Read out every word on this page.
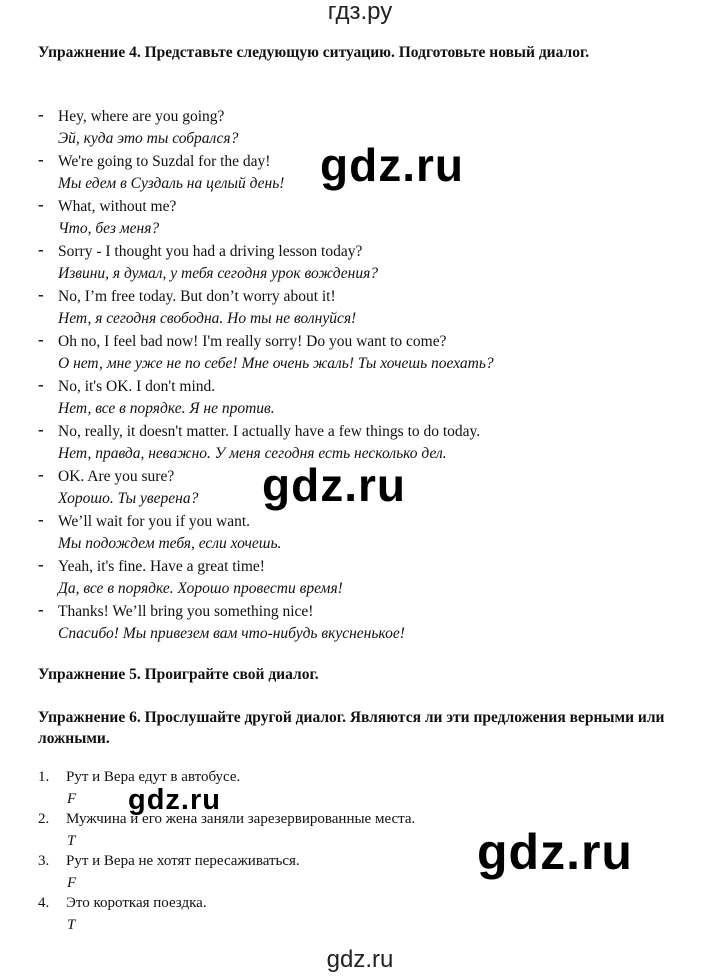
гдз.ру
Упражнение 4. Представьте следующую ситуацию. Подготовьте новый диалог.
- Hey, where are you going?
Эй, куда это ты собрался?
- We're going to Suzdal for the day!
Мы едем в Суздаль на целый день!
- What, without me?
Что, без меня?
- Sorry - I thought you had a driving lesson today?
Извини, я думал, у тебя сегодня урок вождения?
- No, I’m free today. But don’t worry about it!
Нет, я сегодня свободна. Но ты не волнуйся!
- Oh no, I feel bad now! I'm really sorry! Do you want to come?
О нет, мне уже не по себе! Мне очень жаль! Ты хочешь поехать?
- No, it's OK. I don't mind.
Нет, все в порядке. Я не против.
- No, really, it doesn't matter. I actually have a few things to do today.
Нет, правда, неважно. У меня сегодня есть несколько дел.
- OK. Are you sure?
Хорошо. Ты уверена?
- We’ll wait for you if you want.
Мы подождем тебя, если хочешь.
- Yeah, it's fine. Have a great time!
Да, все в порядке. Хорошо провести время!
- Thanks! We’ll bring you something nice!
Спасибо! Мы привезем вам что-нибудь вкусненькое!
Упражнение 5. Проиграйте свой диалог.
Упражнение 6. Прослушайте другой диалог. Являются ли эти предложения верными или ложными.
1. Рут и Вера едут в автобусе.
F
2. Мужчина и его жена заняли зарезервированные места.
T
3. Рут и Вера не хотят пересаживаться.
F
4. Это короткая поездка.
T
gdz.ru
gdz.ru
gdz.ru
gdz.ru
gdz.ru
